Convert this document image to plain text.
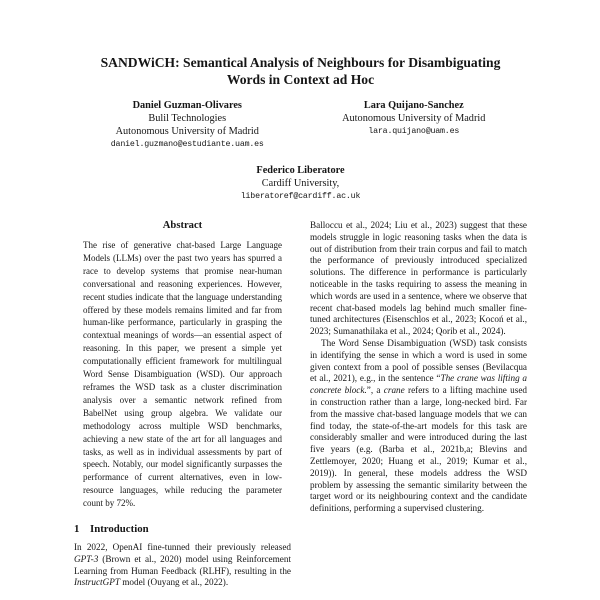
SANDWiCH: Semantical Analysis of Neighbours for Disambiguating
Words in Context ad Hoc
Daniel Guzman-Olivares
Bulil Technologies
Autonomous University of Madrid
daniel.guzmano@estudiante.uam.es
Lara Quijano-Sanchez
Autonomous University of Madrid
lara.quijano@uam.es
Federico Liberatore
Cardiff University,
liberatoref@cardiff.ac.uk
Abstract

The rise of generative chat-based Large Language Models (LLMs) over the past two years has spurred a race to develop systems that promise near-human conversational and reasoning experiences. However, recent studies indicate that the language understanding offered by these models remains limited and far from human-like performance, particularly in grasping the contextual meanings of words—an essential aspect of reasoning. In this paper, we present a simple yet computationally efficient framework for multilingual Word Sense Disambiguation (WSD). Our approach reframes the WSD task as a cluster discrimination analysis over a semantic network refined from BabelNet using group algebra. We validate our methodology across multiple WSD benchmarks, achieving a new state of the art for all languages and tasks, as well as in individual assessments by part of speech. Notably, our model significantly surpasses the performance of current alternatives, even in low-resource languages, while reducing the parameter count by 72%.

1 Introduction

In 2022, OpenAI fine-tunned their previously released GPT-3 (Brown et al., 2020) model using Reinforcement Learning from Human Feedback (RLHF), resulting in the InstructGPT model (Ouyang et al., 2022).

Balloccu et al., 2024; Liu et al., 2023) suggest that these models struggle in logic reasoning tasks when the data is out of distribution from their train corpus and fail to match the performance of previously introduced specialized solutions. The difference in performance is particularly noticeable in the tasks requiring to assess the meaning in which words are used in a sentence, where we observe that recent chat-based models lag behind much smaller fine-tuned architectures (Eisenschlos et al., 2023; Kocoń et al., 2023; Sumanathilaka et al., 2024; Qorib et al., 2024).

The Word Sense Disambiguation (WSD) task consists in identifying the sense in which a word is used in some given context from a pool of possible senses (Bevilacqua et al., 2021), e.g., in the sentence “The crane was lifting a concrete block.”, a crane refers to a lifting machine used in construction rather than a large, long-necked bird. Far from the massive chat-based language models that we can find today, the state-of-the-art models for this task are considerably smaller and were introduced during the last five years (e.g. (Barba et al., 2021b,a; Blevins and Zettlemoyer, 2020; Huang et al., 2019; Kumar et al., 2019)). In general, these models address the WSD problem by assessing the semantic similarity between the target word or its neighbouring context and the candidate definitions, performing a supervised clustering.
